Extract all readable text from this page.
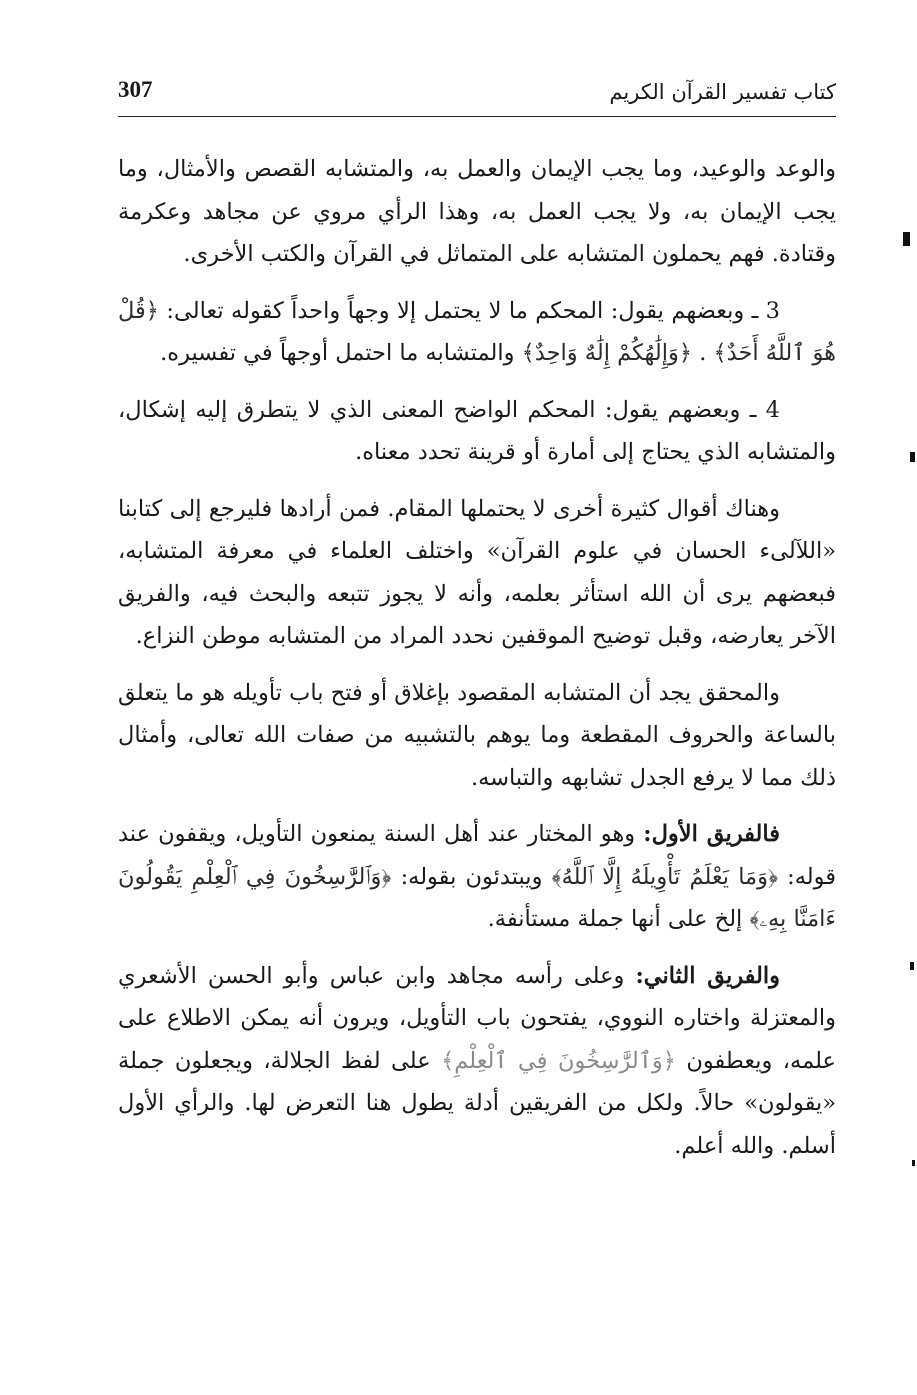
كتاب تفسير القرآن الكريم
307

والوعد والوعيد، وما يجب الإيمان والعمل به، والمتشابه القصص والأمثال، وما يجب الإيمان به، ولا يجب العمل به، وهذا الرأي مروي عن مجاهد وعكرمة وقتادة. فهم يحملون المتشابه على المتماثل في القرآن والكتب الأخرى.

3 ـ وبعضهم يقول: المحكم ما لا يحتمل إلا وجهاً واحداً كقوله تعالى: ﴿قُلْ هُوَ ٱللَّهُ أَحَدٌ﴾ . ﴿وَإِلَٰهُكُمْ إِلَٰهٌ وَاحِدٌ﴾ والمتشابه ما احتمل أوجهاً في تفسيره.

4 ـ وبعضهم يقول: المحكم الواضح المعنى الذي لا يتطرق إليه إشكال، والمتشابه الذي يحتاج إلى أمارة أو قرينة تحدد معناه.

وهناك أقوال كثيرة أخرى لا يحتملها المقام. فمن أرادها فليرجع إلى كتابنا «اللآلىء الحسان في علوم القرآن» واختلف العلماء في معرفة المتشابه، فبعضهم يرى أن الله استأثر بعلمه، وأنه لا يجوز تتبعه والبحث فيه، والفريق الآخر يعارضه، وقبل توضيح الموقفين نحدد المراد من المتشابه موطن النزاع.

والمحقق يجد أن المتشابه المقصود بإغلاق أو فتح باب تأويله هو ما يتعلق بالساعة والحروف المقطعة وما يوهم بالتشبيه من صفات الله تعالى، وأمثال ذلك مما لا يرفع الجدل تشابهه والتباسه.

فالفريق الأول: وهو المختار عند أهل السنة يمنعون التأويل، ويقفون عند قوله: ﴿وَمَا يَعْلَمُ تَأْوِيلَهُ إِلَّا ٱللَّهُ﴾ ويبتدئون بقوله: ﴿وَٱلرَّٰسِخُونَ فِي ٱلْعِلْمِ يَقُولُونَ ءَامَنَّا بِهِۦ﴾ إلخ على أنها جملة مستأنفة.

والفريق الثاني: وعلى رأسه مجاهد وابن عباس وأبو الحسن الأشعري والمعتزلة واختاره النووي، يفتحون باب التأويل، ويرون أنه يمكن الاطلاع على علمه، ويعطفون ﴿وَٱلرَّٰسِخُونَ فِي ٱلْعِلْمِ﴾ على لفظ الجلالة، ويجعلون جملة «يقولون» حالاً. ولكل من الفريقين أدلة يطول هنا التعرض لها. والرأي الأول أسلم. والله أعلم.
